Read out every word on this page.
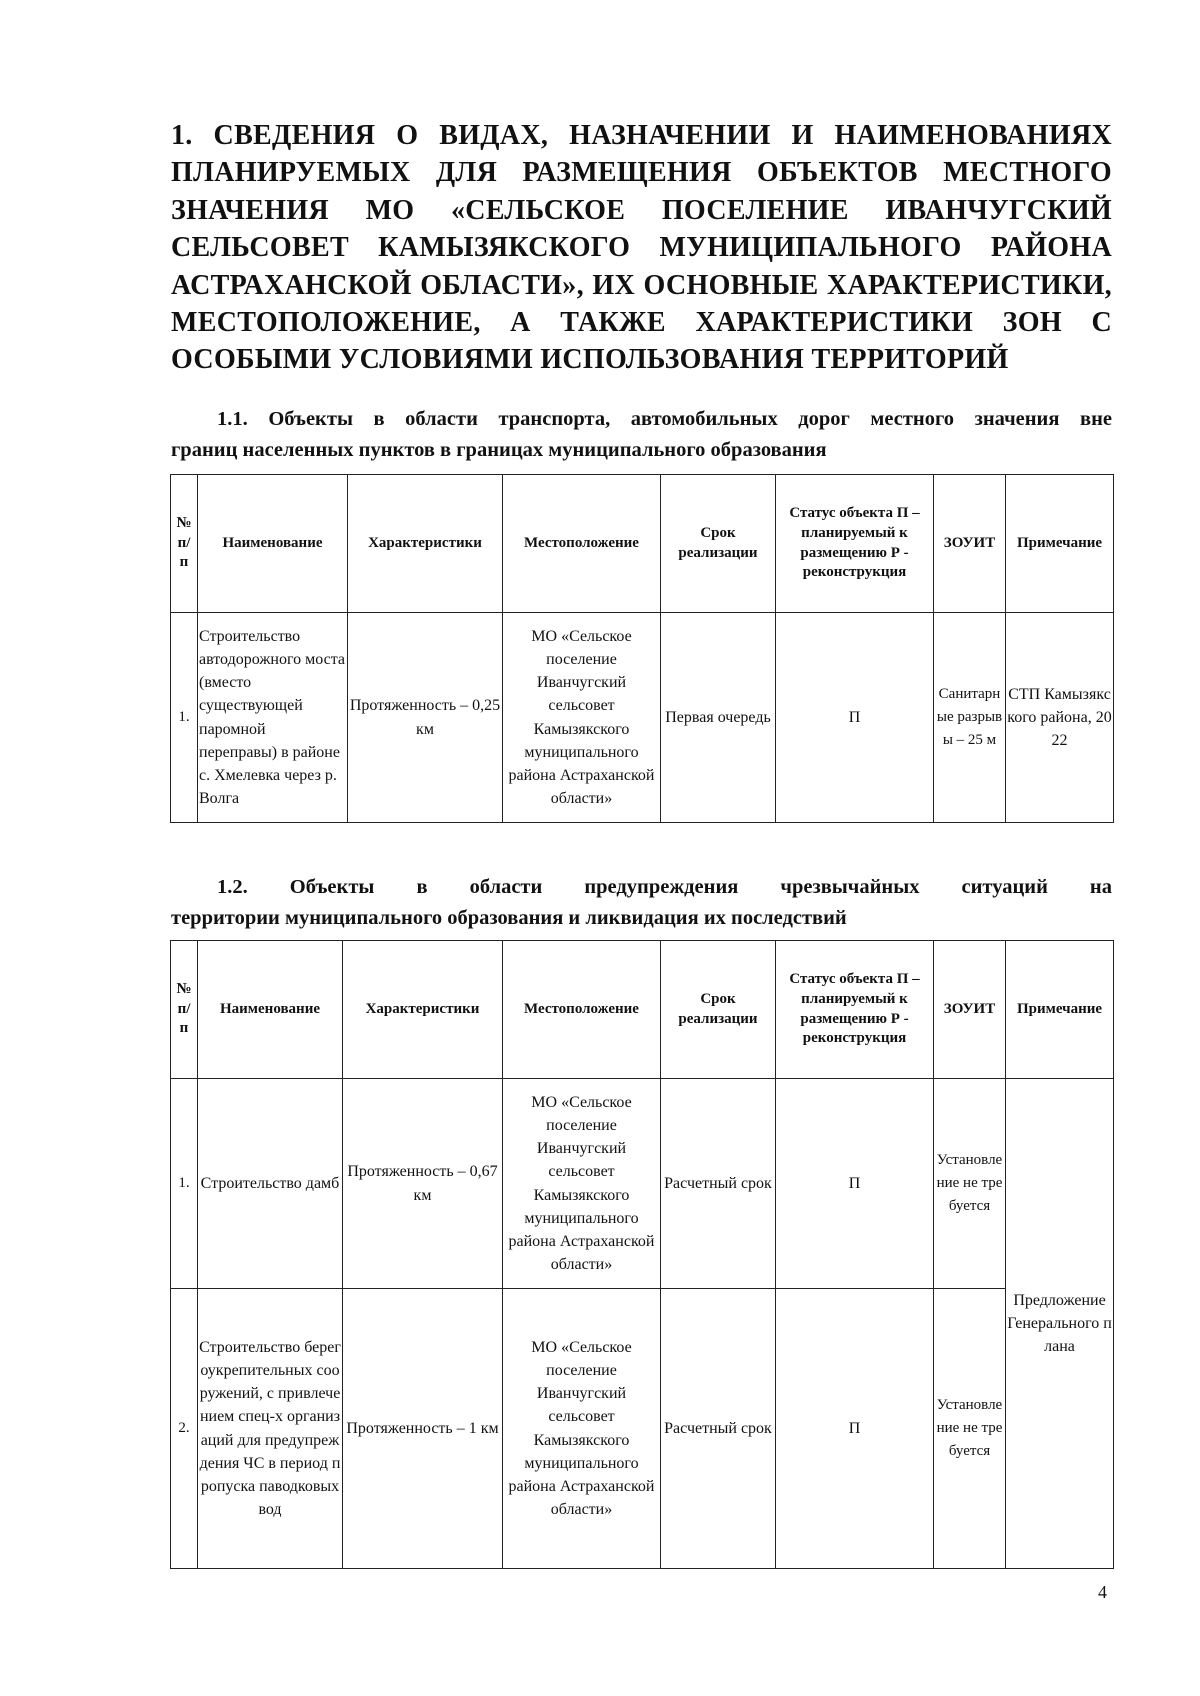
1. СВЕДЕНИЯ О ВИДАХ, НАЗНАЧЕНИИ И НАИМЕНОВАНИЯХ
ПЛАНИРУЕМЫХ ДЛЯ РАЗМЕЩЕНИЯ ОБЪЕКТОВ МЕСТНОГО
ЗНАЧЕНИЯ МО «СЕЛЬСКОЕ ПОСЕЛЕНИЕ ИВАНЧУГСКИЙ
СЕЛЬСОВЕТ КАМЫЗЯКСКОГО МУНИЦИПАЛЬНОГО РАЙОНА
АСТРАХАНСКОЙ ОБЛАСТИ», ИХ ОСНОВНЫЕ ХАРАКТЕРИСТИКИ,
МЕСТОПОЛОЖЕНИЕ, А ТАКЖЕ ХАРАКТЕРИСТИКИ ЗОН С
ОСОБЫМИ УСЛОВИЯМИ ИСПОЛЬЗОВАНИЯ ТЕРРИТОРИЙ
1.1. Объекты в области транспорта, автомобильных дорог местного значения вне
границ населенных пунктов в границах муниципального образования
№ п/ п	Наименование	Характеристики	Местоположение	Срок реализации	Статус объекта П – планируемый к размещению Р - реконструкция	ЗОУИТ	Примечание
1.	Строительство автодорожного моста (вместо существующей паромной переправы) в районе с. Хмелевка через р. Волга	Протяженность – 0,25 км	МО «Сельское поселение Иванчугский сельсовет Камызякского муниципального района Астраханской области»	Первая очередь	П	Санитарные разрывы – 25 м	СТП Камызякского района, 2022
1.2. Объекты в области предупреждения чрезвычайных ситуаций на
территории муниципального образования и ликвидация их последствий
№ п/ п	Наименование	Характеристики	Местоположение	Срок реализации	Статус объекта П – планируемый к размещению Р - реконструкция	ЗОУИТ	Примечание
1.	Строительство дамб	Протяженность – 0,67 км	МО «Сельское поселение Иванчугский сельсовет Камызякского муниципального района Астраханской области»	Расчетный срок	П	Установление не требуется	Предложение Генерального плана
2.	Строительство берегоукрепительных сооружений, с привлечением спец-х организаций для предупреждения ЧС в период пропуска паводковых вод	Протяженность – 1 км	МО «Сельское поселение Иванчугский сельсовет Камызякского муниципального района Астраханской области»	Расчетный срок	П	Установление не требуется	
4
